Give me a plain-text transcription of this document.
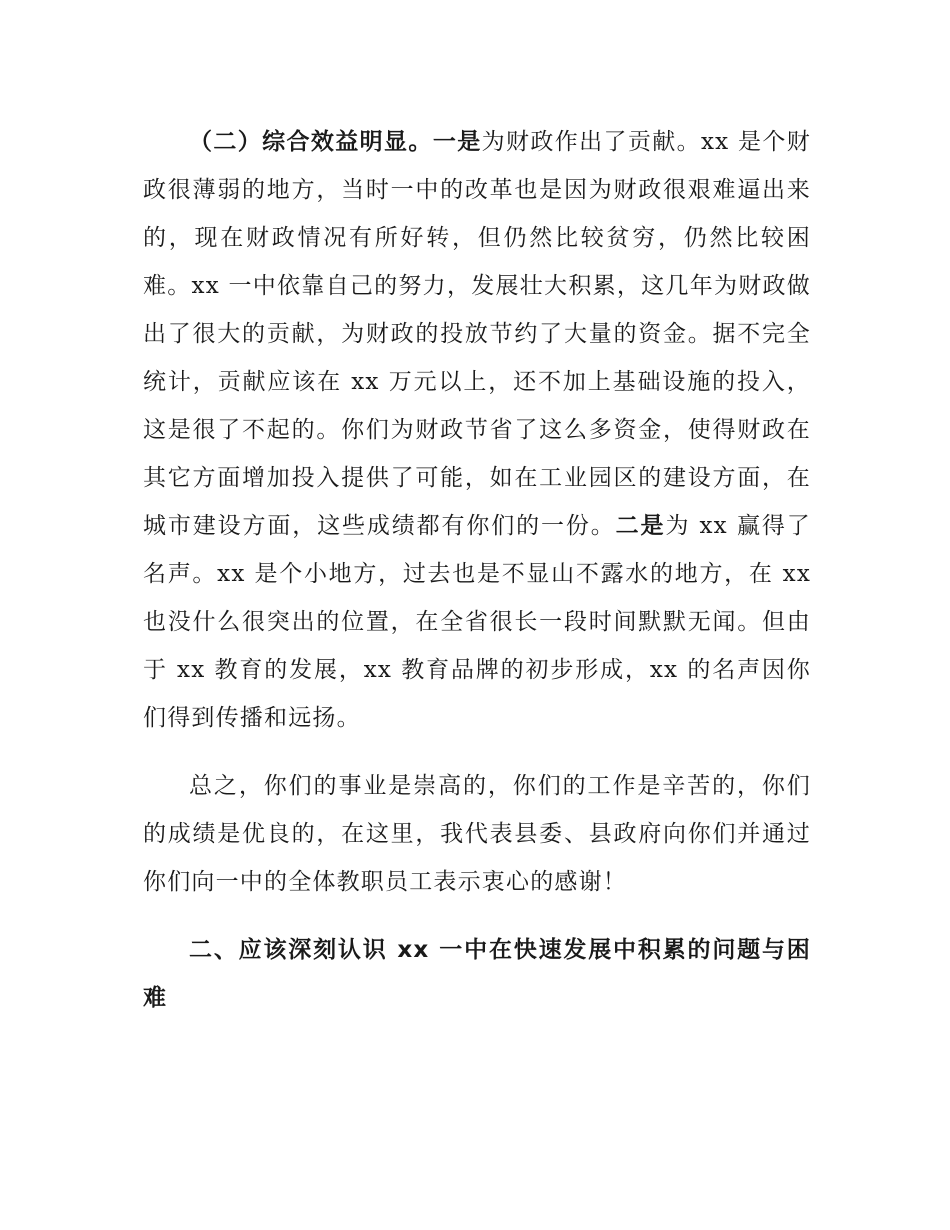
（二）综合效益明显。一是为财政作出了贡献。xx 是个财政很薄弱的地方，当时一中的改革也是因为财政很艰难逼出来的，现在财政情况有所好转，但仍然比较贫穷，仍然比较困难。xx 一中依靠自己的努力，发展壮大积累，这几年为财政做出了很大的贡献，为财政的投放节约了大量的资金。据不完全统计，贡献应该在 xx 万元以上，还不加上基础设施的投入，这是很了不起的。你们为财政节省了这么多资金，使得财政在其它方面增加投入提供了可能，如在工业园区的建设方面，在城市建设方面，这些成绩都有你们的一份。二是为 xx 赢得了名声。xx 是个小地方，过去也是不显山不露水的地方，在 xx 也没什么很突出的位置，在全省很长一段时间默默无闻。但由于 xx 教育的发展，xx 教育品牌的初步形成，xx 的名声因你们得到传播和远扬。

总之，你们的事业是崇高的，你们的工作是辛苦的，你们的成绩是优良的，在这里，我代表县委、县政府向你们并通过你们向一中的全体教职员工表示衷心的感谢！

二、应该深刻认识 xx 一中在快速发展中积累的问题与困难
